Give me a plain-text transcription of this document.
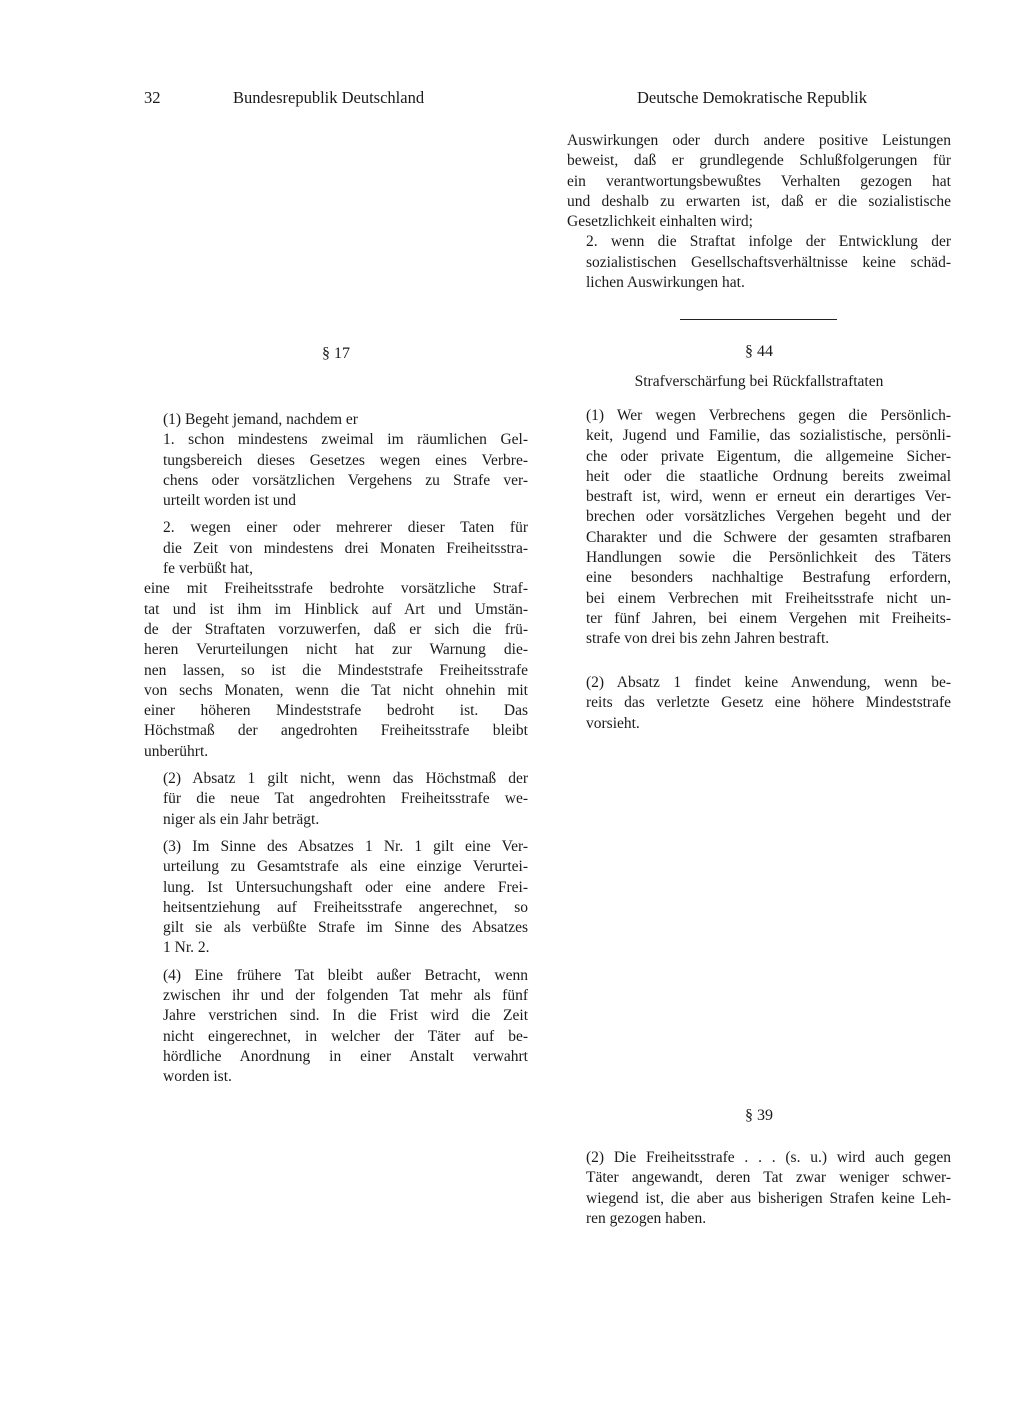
32	Bundesrepublik Deutschland	Deutsche Demokratische Republik
Auswirkungen oder durch andere positive Leistungen
beweist, daß er grundlegende Schlußfolgerungen für
ein verantwortungsbewußtes Verhalten gezogen hat
und deshalb zu erwarten ist, daß er die sozialistische
Gesetzlichkeit einhalten wird;
2. wenn die Straftat infolge der Entwicklung der
sozialistischen Gesellschaftsverhältnisse keine schäd-
lichen Auswirkungen hat.
§ 17
(1) Begeht jemand, nachdem er
1. schon mindestens zweimal im räumlichen Gel-
tungsbereich dieses Gesetzes wegen eines Verbre-
chens oder vorsätzlichen Vergehens zu Strafe ver-
urteilt worden ist und
2. wegen einer oder mehrerer dieser Taten für
die Zeit von mindestens drei Monaten Freiheitsstra-
fe verbüßt hat,
eine mit Freiheitsstrafe bedrohte vorsätzliche Straf-
tat und ist ihm im Hinblick auf Art und Umstän-
de der Straftaten vorzuwerfen, daß er sich die frü-
heren Verurteilungen nicht hat zur Warnung die-
nen lassen, so ist die Mindeststrafe Freiheitsstrafe
von sechs Monaten, wenn die Tat nicht ohnehin mit
einer höheren Mindeststrafe bedroht ist. Das
Höchstmaß der angedrohten Freiheitsstrafe bleibt
unberührt.
(2) Absatz 1 gilt nicht, wenn das Höchstmaß der
für die neue Tat angedrohten Freiheitsstrafe we-
niger als ein Jahr beträgt.
(3) Im Sinne des Absatzes 1 Nr. 1 gilt eine Ver-
urteilung zu Gesamtstrafe als eine einzige Verurtei-
lung. Ist Untersuchungshaft oder eine andere Frei-
heitsentziehung auf Freiheitsstrafe angerechnet, so
gilt sie als verbüßte Strafe im Sinne des Absatzes
1 Nr. 2.
(4) Eine frühere Tat bleibt außer Betracht, wenn
zwischen ihr und der folgenden Tat mehr als fünf
Jahre verstrichen sind. In die Frist wird die Zeit
nicht eingerechnet, in welcher der Täter auf be-
hördliche Anordnung in einer Anstalt verwahrt
worden ist.
§ 44
Strafverschärfung bei Rückfallstraftaten
(1) Wer wegen Verbrechens gegen die Persönlich-
keit, Jugend und Familie, das sozialistische, persönli-
che oder private Eigentum, die allgemeine Sicher-
heit oder die staatliche Ordnung bereits zweimal
bestraft ist, wird, wenn er erneut ein derartiges Ver-
brechen oder vorsätzliches Vergehen begeht und der
Charakter und die Schwere der gesamten strafbaren
Handlungen sowie die Persönlichkeit des Täters
eine besonders nachhaltige Bestrafung erfordern,
bei einem Verbrechen mit Freiheitsstrafe nicht un-
ter fünf Jahren, bei einem Vergehen mit Freiheits-
strafe von drei bis zehn Jahren bestraft.
(2) Absatz 1 findet keine Anwendung, wenn be-
reits das verletzte Gesetz eine höhere Mindeststrafe
vorsieht.
§ 39
(2) Die Freiheitsstrafe . . . (s. u.) wird auch gegen
Täter angewandt, deren Tat zwar weniger schwer-
wiegend ist, die aber aus bisherigen Strafen keine Leh-
ren gezogen haben.
